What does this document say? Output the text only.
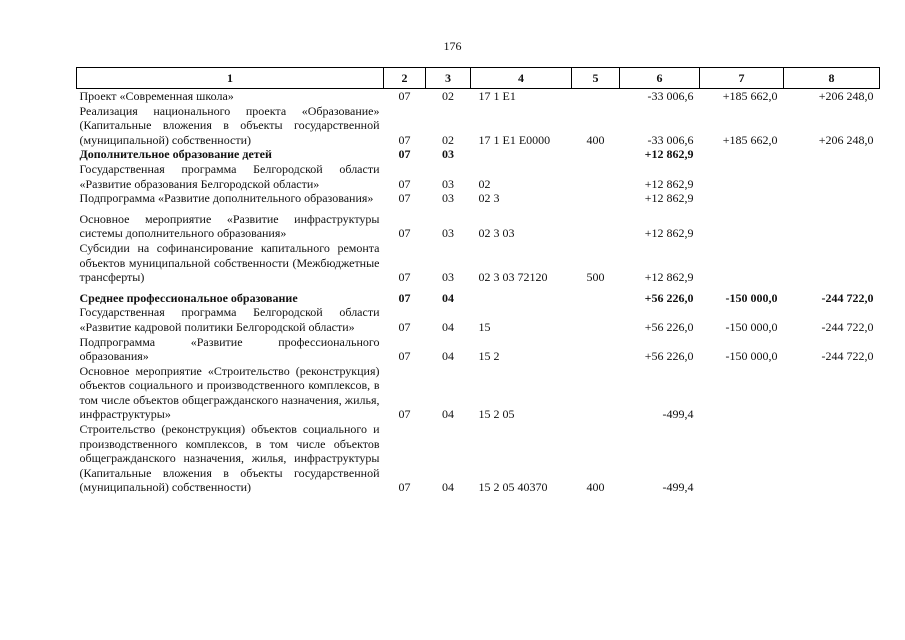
176
1	2	3	4	5	6	7	8
Проект «Современная школа»	07	02	17 1 E1		-33 006,6	+185 662,0	+206 248,0
Реализация национального проекта «Образование» (Капитальные вложения в объекты государственной (муниципальной) собственности)	07	02	17 1 E1 E0000	400	-33 006,6	+185 662,0	+206 248,0
Дополнительное образование детей	07	03			+12 862,9		
Государственная программа Белгородской области «Развитие образования Белгородской области»	07	03	02		+12 862,9		
Подпрограмма «Развитие дополнительного образования»	07	03	02 3		+12 862,9		
Основное мероприятие «Развитие инфраструктуры системы дополнительного образования»	07	03	02 3 03		+12 862,9		
Субсидии на софинансирование капитального ремонта объектов муниципальной собственности (Межбюджетные трансферты)	07	03	02 3 03 72120	500	+12 862,9		
Среднее профессиональное образование	07	04			+56 226,0	-150 000,0	-244 722,0
Государственная программа Белгородской области «Развитие кадровой политики Белгородской области»	07	04	15		+56 226,0	-150 000,0	-244 722,0
Подпрограмма «Развитие профессионального образования»	07	04	15 2		+56 226,0	-150 000,0	-244 722,0
Основное мероприятие «Строительство (реконструкция) объектов социального и производственного комплексов, в том числе объектов общегражданского назначения, жилья, инфраструктуры»	07	04	15 2 05		-499,4		
Строительство (реконструкция) объектов социального и производственного комплексов, в том числе объектов общегражданского назначения, жилья, инфраструктуры (Капитальные вложения в объекты государственной (муниципальной) собственности)	07	04	15 2 05 40370	400	-499,4		
